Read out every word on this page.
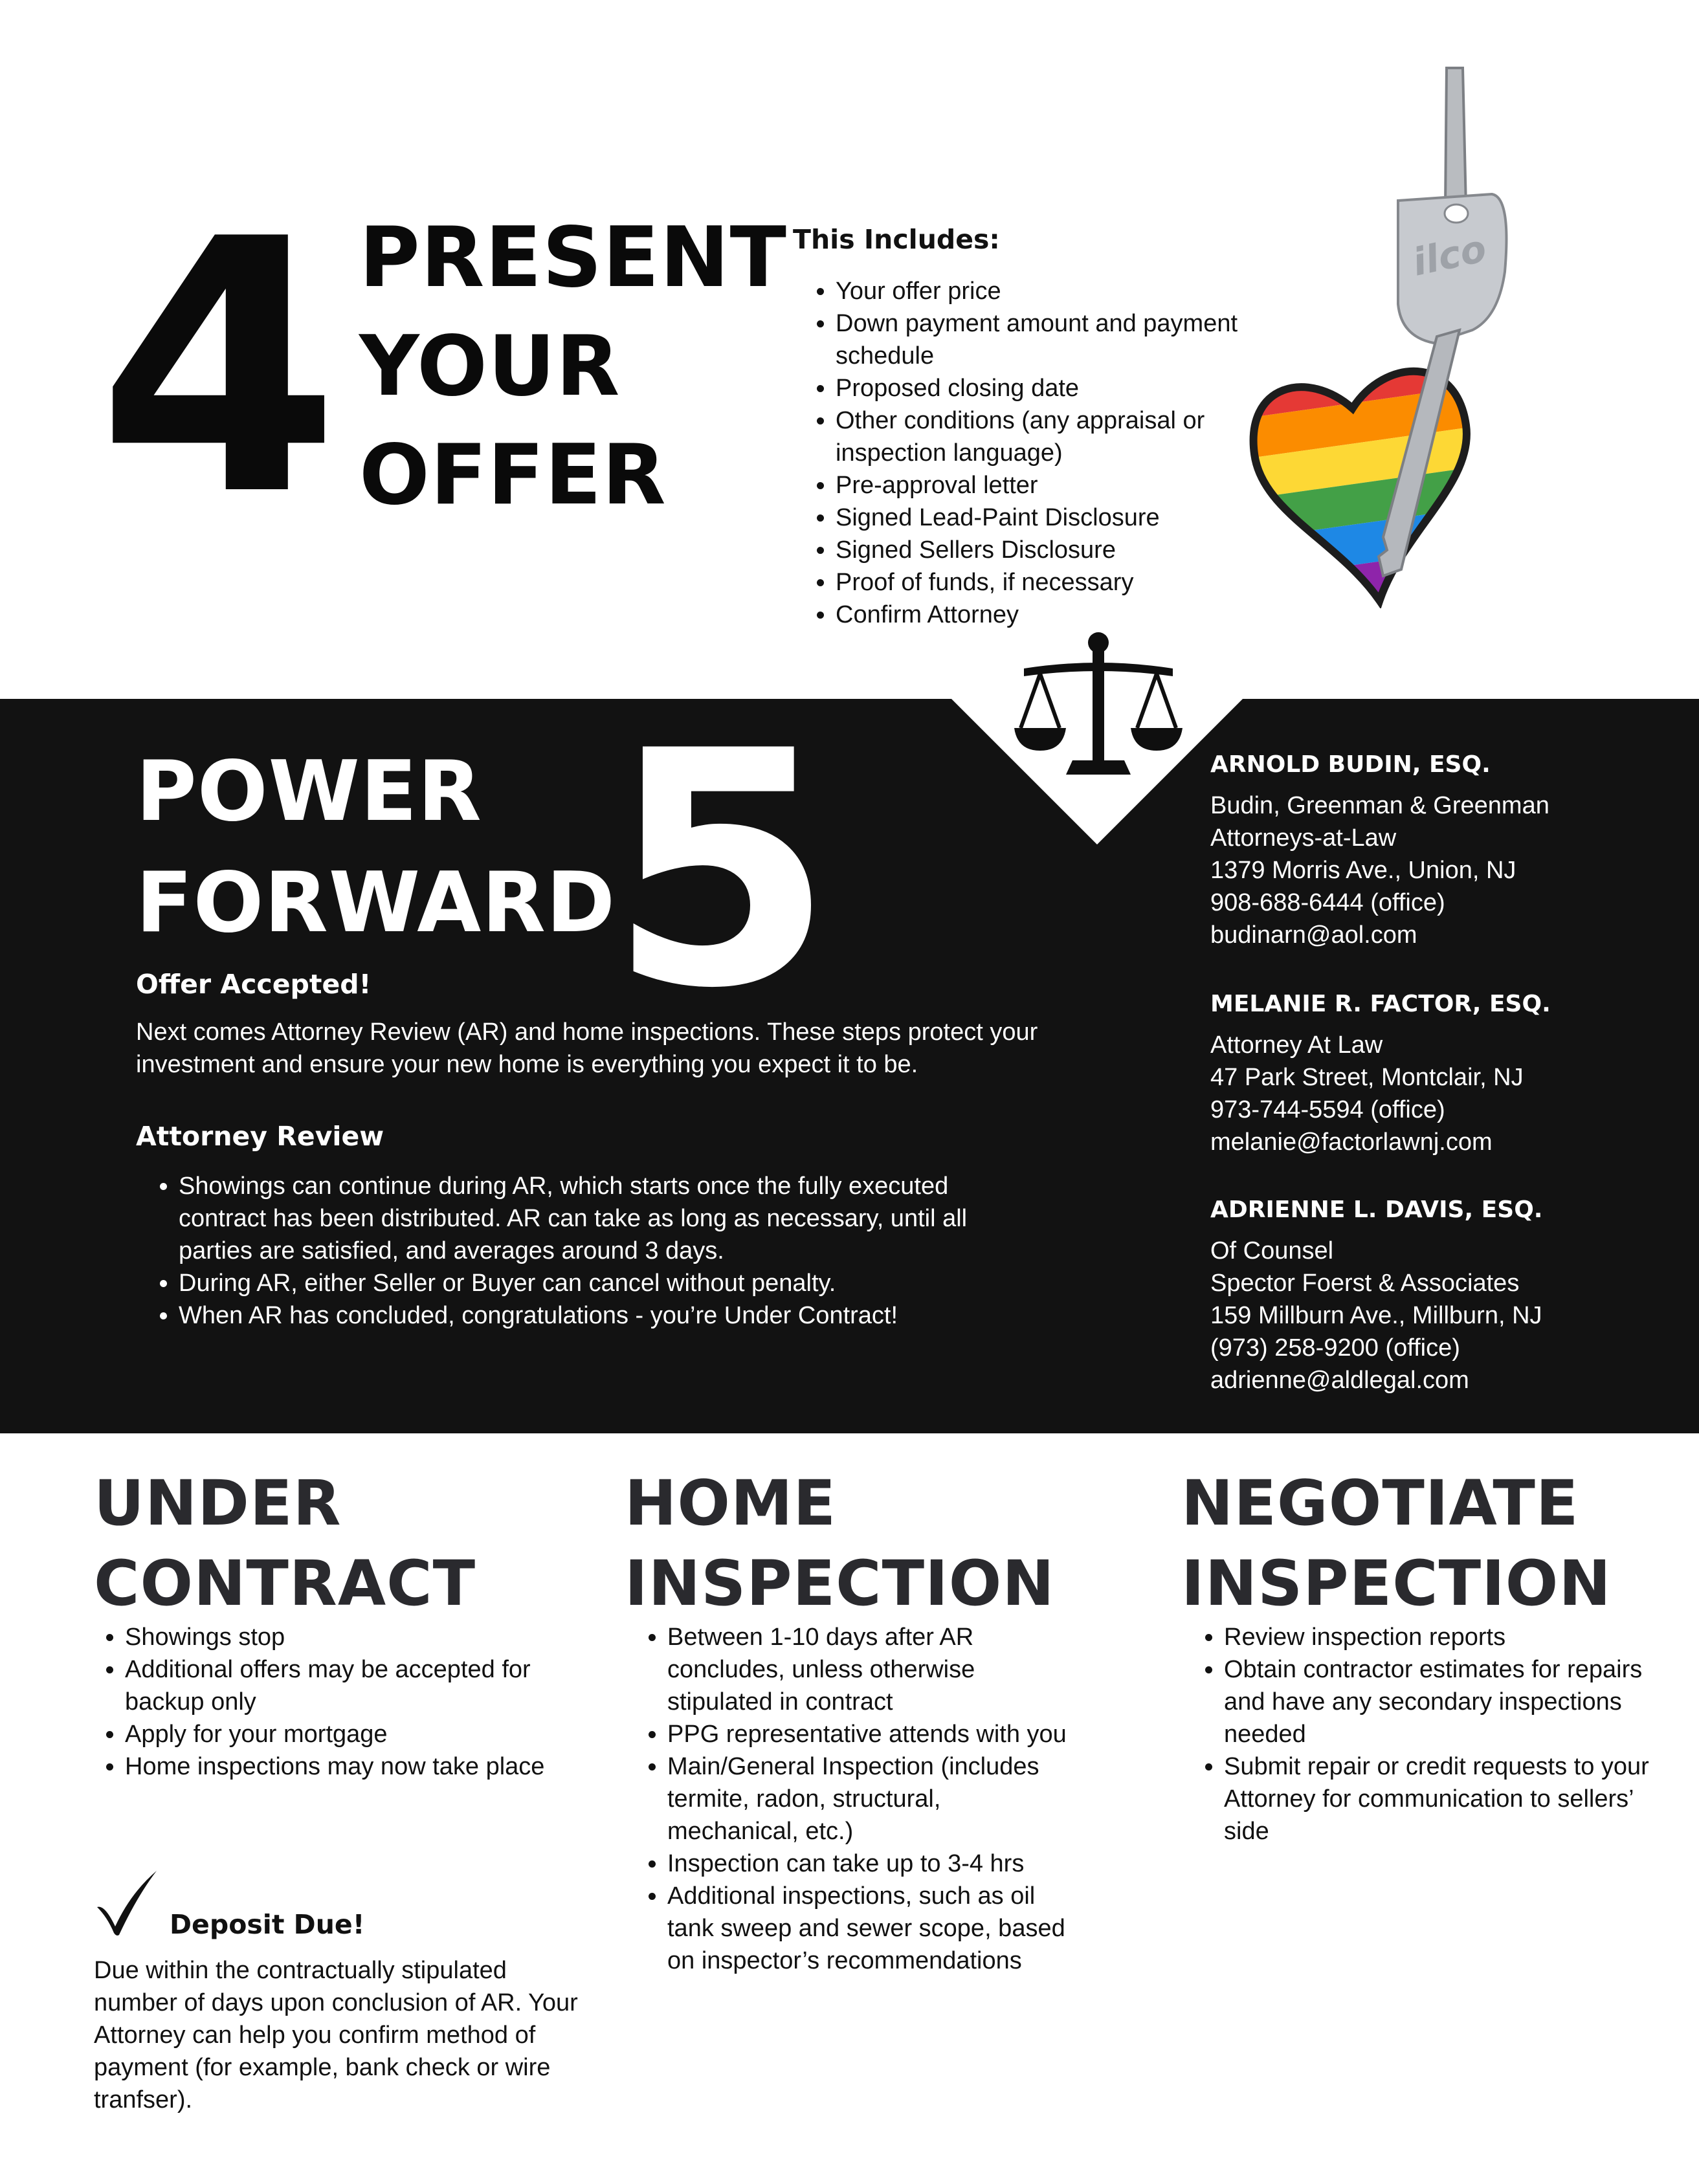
4 PRESENT
YOUR
OFFER
This Includes:
• Your offer price
• Down payment amount and payment schedule
• Proposed closing date
• Other conditions (any appraisal or inspection language)
• Pre-approval letter
• Signed Lead-Paint Disclosure
• Signed Sellers Disclosure
• Proof of funds, if necessary
• Confirm Attorney
ilco
5
POWER
FORWARD
Offer Accepted!
Next comes Attorney Review (AR) and home inspections. These steps protect your investment and ensure your new home is everything you expect it to be.
Attorney Review
• Showings can continue during AR, which starts once the fully executed contract has been distributed. AR can take as long as necessary, until all parties are satisfied, and averages around 3 days.
• During AR, either Seller or Buyer can cancel without penalty.
• When AR has concluded, congratulations - you’re Under Contract!
ARNOLD BUDIN, ESQ.
Budin, Greenman & Greenman
Attorneys-at-Law
1379 Morris Ave., Union, NJ
908-688-6444 (office)
budinarn@aol.com
MELANIE R. FACTOR, ESQ.
Attorney At Law
47 Park Street, Montclair, NJ
973-744-5594 (office)
melanie@factorlawnj.com
ADRIENNE L. DAVIS, ESQ.
Of Counsel
Spector Foerst & Associates
159 Millburn Ave., Millburn, NJ
(973) 258-9200 (office)
adrienne@aldlegal.com
UNDER
CONTRACT
• Showings stop
• Additional offers may be accepted for backup only
• Apply for your mortgage
• Home inspections may now take place
Deposit Due!
Due within the contractually stipulated number of days upon conclusion of AR. Your Attorney can help you confirm method of payment (for example, bank check or wire tranfser).
HOME
INSPECTION
• Between 1-10 days after AR concludes, unless otherwise stipulated in contract
• PPG representative attends with you
• Main/General Inspection (includes termite, radon, structural, mechanical, etc.)
• Inspection can take up to 3-4 hrs
• Additional inspections, such as oil tank sweep and sewer scope, based on inspector’s recommendations
NEGOTIATE
INSPECTION
• Review inspection reports
• Obtain contractor estimates for repairs and have any secondary inspections needed
• Submit repair or credit requests to your Attorney for communication to sellers’ side
